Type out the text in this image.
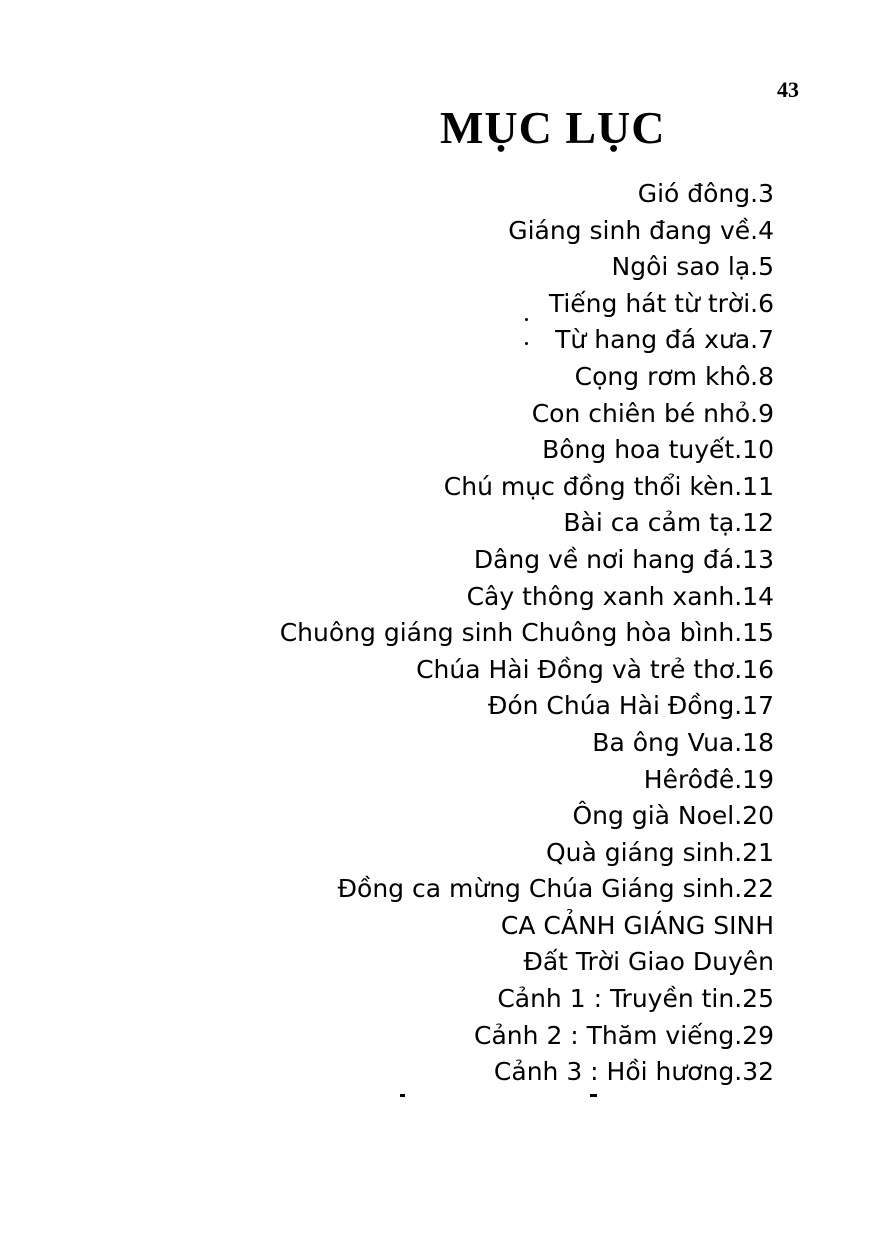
43
MỤC LỤC
Gió đông.3
Giáng sinh đang về.4
Ngôi sao lạ.5
Tiếng hát từ trời.6
Từ hang đá xưa.7
Cọng rơm khô.8
Con chiên bé nhỏ.9
Bông hoa tuyết.10
Chú mục đồng thổi kèn.11
Bài ca cảm tạ.12
Dâng về nơi hang đá.13
Cây thông xanh xanh.14
Chuông giáng sinh Chuông hòa bình.15
Chúa Hài Đồng và trẻ thơ.16
Đón Chúa Hài Đồng.17
Ba ông Vua.18
Hêrôđê.19
Ông già Noel.20
Quà giáng sinh.21
Đồng ca mừng Chúa Giáng sinh.22
CA CẢNH GIÁNG SINH
Đất Trời Giao Duyên
Cảnh 1 : Truyền tin.25
Cảnh 2 : Thăm viếng.29
Cảnh 3 : Hồi hương.32
